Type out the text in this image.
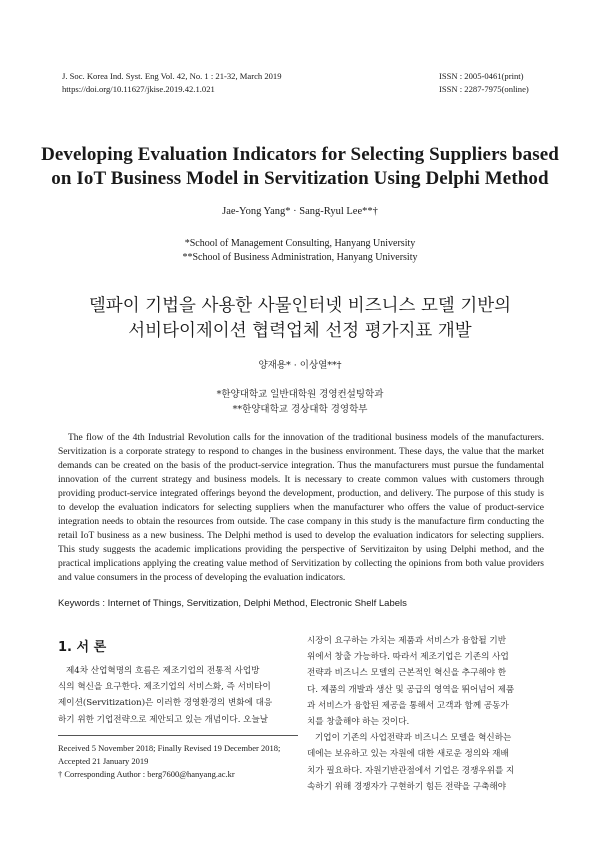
J. Soc. Korea Ind. Syst. Eng Vol. 42, No. 1 : 21-32, March 2019
https://doi.org/10.11627/jkise.2019.42.1.021
ISSN : 2005-0461(print)
ISSN : 2287-7975(online)
Developing Evaluation Indicators for Selecting Suppliers based
on IoT Business Model in Servitization Using Delphi Method
Jae-Yong Yang* · Sang-Ryul Lee**†
*School of Management Consulting, Hanyang University
**School of Business Administration, Hanyang University
델파이 기법을 사용한 사물인터넷 비즈니스 모델 기반의
서비타이제이션 협력업체 선정 평가지표 개발
양재용* · 이상열**†
*한양대학교 일반대학원 경영컨설팅학과
**한양대학교 경상대학 경영학부

The flow of the 4th Industrial Revolution calls for the innovation of the traditional business models of the manufacturers. Servitization is a corporate strategy to respond to changes in the business environment. These days, the value that the market demands can be created on the basis of the product-service integration. Thus the manufacturers must pursue the fundamental innovation of the current strategy and business models. It is necessary to create common values with customers through providing product-service integrated offerings beyond the development, production, and delivery. The purpose of this study is to develop the evaluation indicators for selecting suppliers when the manufacturer who offers the value of product-service integration needs to obtain the resources from outside. The case company in this study is the manufacture firm conducting the retail IoT business as a new business. The Delphi method is used to develop the evaluation indicators for selecting suppliers. This study suggests the academic implications providing the perspective of Servitizaiton by using Delphi method, and the practical implications applying the creating value method of Servitization by collecting the opinions from both value providers and value consumers in the process of developing the evaluation indicators.

Keywords : Internet of Things, Servitization, Delphi Method, Electronic Shelf Labels
1. 서 론

제4차 산업혁명의 흐름은 제조기업의 전통적 사업방

식의 혁신을 요구한다. 제조기업의 서비스화, 즉 서비타이

제이션(Servitization)은 이러한 경영환경의 변화에 대응

하기 위한 기업전략으로 제안되고 있는 개념이다. 오늘날

시장이 요구하는 가치는 제품과 서비스가 융합될 기반

위에서 창출 가능하다. 따라서 제조기업은 기존의 사업

전략과 비즈니스 모델의 근본적인 혁신을 추구해야 한

다. 제품의 개발과 생산 및 공급의 영역을 뛰어넘어 제품

과 서비스가 융합된 제공을 통해서 고객과 함께 공동가

치를 창출해야 하는 것이다.

기업이 기존의 사업전략과 비즈니스 모델을 혁신하는

데에는 보유하고 있는 자원에 대한 새로운 정의와 재배

치가 필요하다. 자원기반관점에서 기업은 경쟁우위를 지

속하기 위해 경쟁자가 구현하기 힘든 전략을 구축해야

Received 5 November 2018; Finally Revised 19 December 2018;
Accepted 21 January 2019
† Corresponding Author : berg7600@hanyang.ac.kr
